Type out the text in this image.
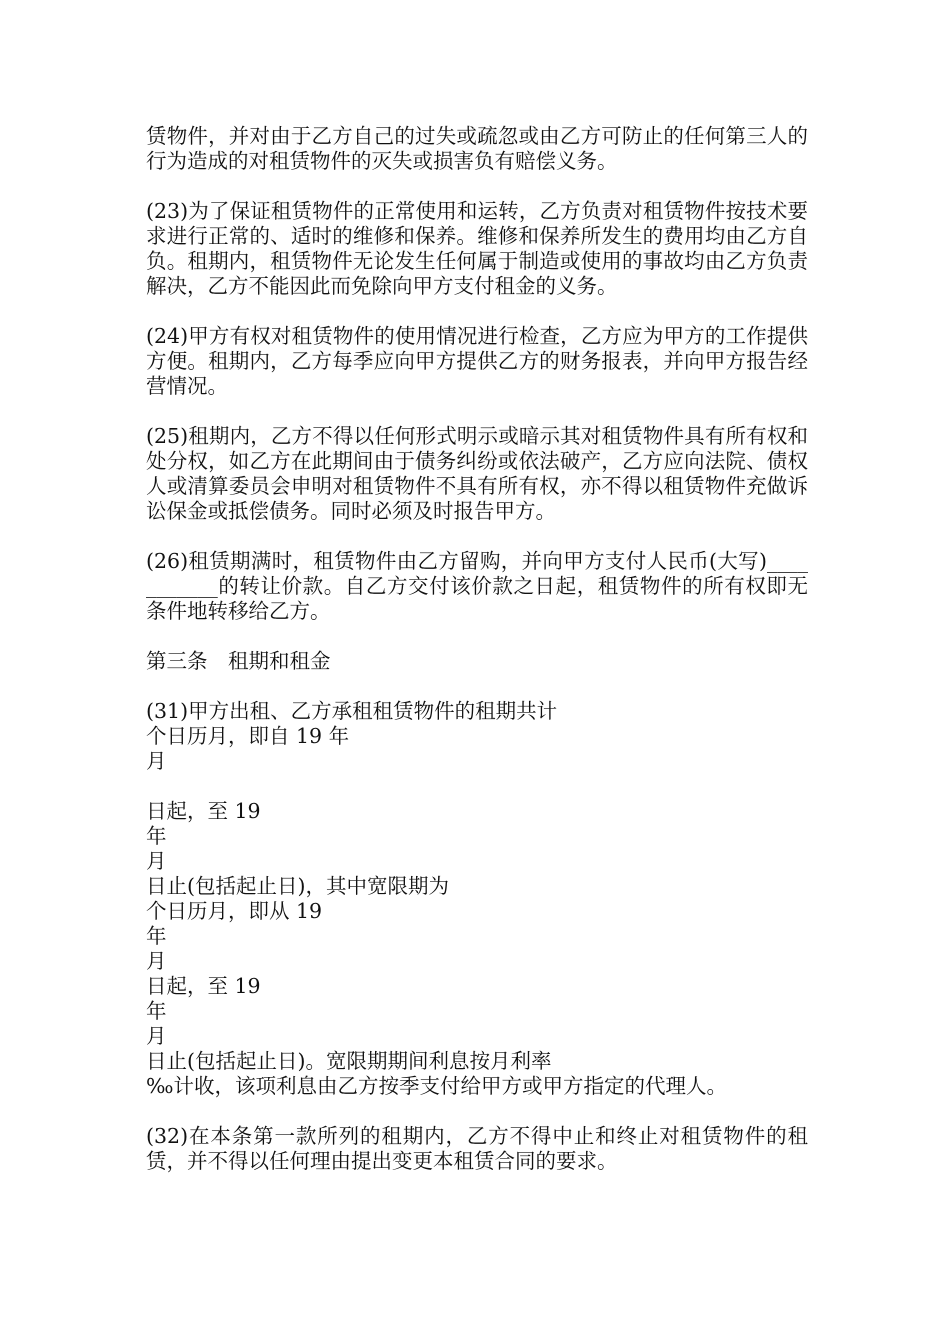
赁物件，并对由于乙方自己的过失或疏忽或由乙方可防止的任何第三人的行为造成的对租赁物件的灭失或损害负有赔偿义务。

(23)为了保证租赁物件的正常使用和运转，乙方负责对租赁物件按技术要求进行正常的、适时的维修和保养。维修和保养所发生的费用均由乙方自负。租期内，租赁物件无论发生任何属于制造或使用的事故均由乙方负责解决，乙方不能因此而免除向甲方支付租金的义务。

(24)甲方有权对租赁物件的使用情况进行检查，乙方应为甲方的工作提供方便。租期内，乙方每季应向甲方提供乙方的财务报表，并向甲方报告经营情况。

(25)租期内，乙方不得以任何形式明示或暗示其对租赁物件具有所有权和处分权，如乙方在此期间由于债务纠纷或依法破产，乙方应向法院、债权人或清算委员会申明对租赁物件不具有所有权，亦不得以租赁物件充做诉讼保金或抵偿债务。同时必须及时报告甲方。

(26)租赁期满时，租赁物件由乙方留购，并向甲方支付人民币(大写)___________的转让价款。自乙方交付该价款之日起，租赁物件的所有权即无条件地转移给乙方。

第三条　租期和租金

(31)甲方出租、乙方承租租赁物件的租期共计
个日历月，即自 19 年
月
日起，至 19
年
月
日止(包括起止日)，其中宽限期为
个日历月，即从 19
年
月
日起，至 19
年
月
日止(包括起止日)。宽限期期间利息按月利率
‰计收，该项利息由乙方按季支付给甲方或甲方指定的代理人。

(32)在本条第一款所列的租期内，乙方不得中止和终止对租赁物件的租赁，并不得以任何理由提出变更本租赁合同的要求。
